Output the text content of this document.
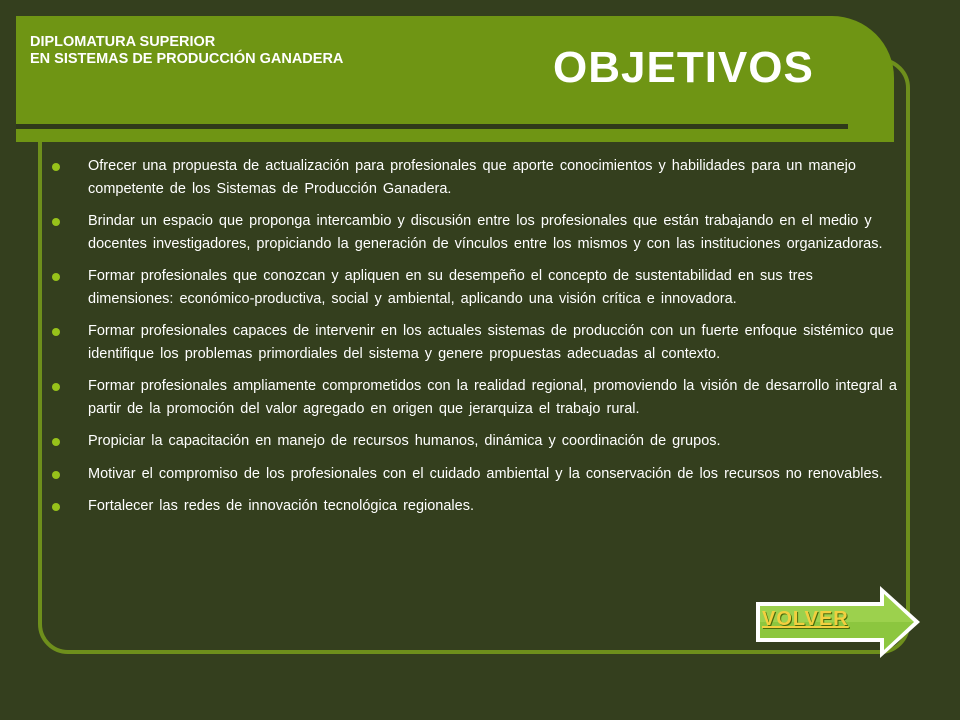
DIPLOMATURA SUPERIOR
EN SISTEMAS DE PRODUCCIÓN GANADERA	OBJETIVOS
Ofrecer una propuesta de actualización para profesionales que aporte conocimientos y habilidades para un manejo competente de los Sistemas de Producción Ganadera.
Brindar un espacio que proponga intercambio y discusión entre los profesionales que están trabajando en el medio y docentes investigadores, propiciando la generación de vínculos entre los mismos y con las instituciones organizadoras.
Formar profesionales que conozcan y apliquen en su desempeño el concepto de sustentabilidad en sus tres dimensiones: económico-productiva, social y ambiental, aplicando una visión crítica e innovadora.
Formar profesionales capaces de intervenir en los actuales sistemas de producción con un fuerte enfoque sistémico que identifique los problemas primordiales del sistema y genere propuestas adecuadas al contexto.
Formar profesionales ampliamente comprometidos con la realidad regional, promoviendo la visión de desarrollo integral a partir de la promoción del valor agregado en origen que jerarquiza el trabajo rural.
Propiciar la capacitación en manejo de recursos humanos, dinámica y coordinación de grupos.
Motivar el compromiso de los profesionales con el cuidado ambiental y la conservación de los recursos no renovables.
Fortalecer las redes de innovación tecnológica regionales.
VOLVER
